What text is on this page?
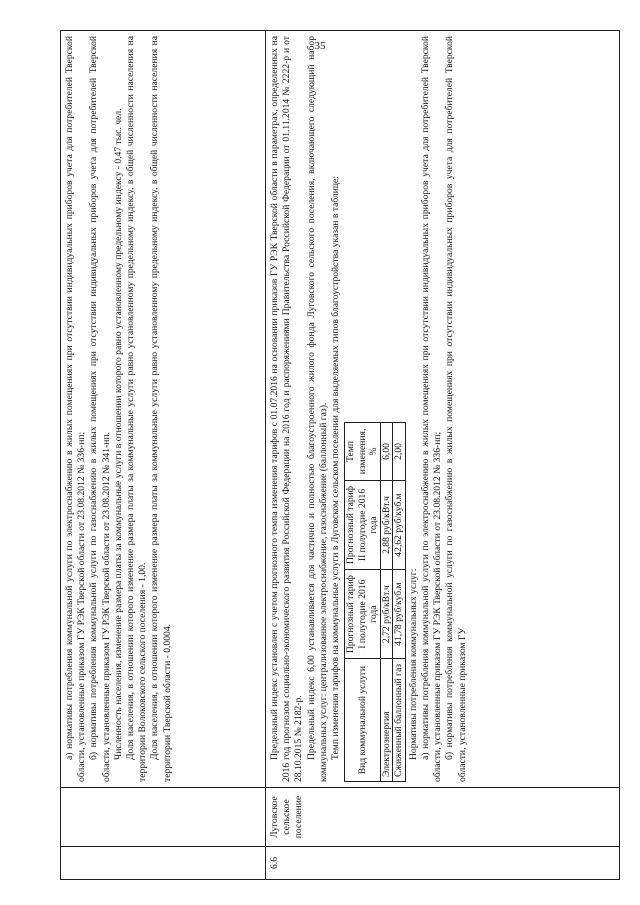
35

а) нормативы потребления коммунальной услуги по электроснабжению в жилых помещениях при отсутствии индивидуальных приборов учета для потребителей Тверской области, установленные приказом ГУ РЭК Тверской области от 23.08.2012 № 336-нп; б) нормативы потребления коммунальной услуги по газоснабжению в жилых помещениях при отсутствии индивидуальных приборов учета для потребителей Тверской области, установленные приказом ГУ РЭК Тверской области от 23.08.2012 № 341-нп. Численность населения, изменение размера платы за коммунальные услуги в отношении которого равно установленному предельному индексу - 0,47 тыс. чел. Доля населения, в отношении которого изменение размера платы за коммунальные услуги равно установленному предельному индексу, в общей численности населения на территории Волоковского сельского поселения - 1,00. Доля населения, в отношении которого изменение размера платы за коммунальные услуги равно установленному предельному индексу, в общей численности населения на территории Тверской области - 0,0004.

6.6	Луговское сельское поселение	

Предельный индекс установлен с учетом прогнозного темпа изменения тарифов с 01.07.2016 на основании приказов ГУ РЭК Тверской области в параметрах, определенных на 2016 год прогнозом социально-экономического развития Российской Федерации на 2016 год и распоряжениями Правительства Российской Федерации от 01.11.2014 № 2222-р и от 28.10.2015 № 2182-р. Предельный индекс 6,00 устанавливается для частично и полностью благоустроенного жилого фонда Луговского сельского поселения, включающего следующий набор коммунальных услуг: централизованное электроснабжение, газоснабжение (баллонный газ). Темп изменения тарифов на коммунальные услуги в Луговском сельском поселении для выделяемых типов благоустройства указан в таблице: Вид коммунальной услуги	Прогнозный тариф I полугодие 2016 года	Прогнозный тариф II полугодие 2016 года	Темп изменения, %
Электроэнергия	2,72 руб/кВт.ч	2,88 руб/кВт.ч	6,00
Сжиженный баллонный газ	41,78 руб/куб.м	42,62 руб/куб.м	2,00

Нормативы потребления коммунальных услуг: а) нормативы потребления коммунальной услуги по электроснабжению в жилых помещениях при отсутствии индивидуальных приборов учета для потребителей Тверской области, установленные приказом ГУ РЭК Тверской области от 23.08.2012 № 336-нп; б) нормативы потребления коммунальной услуги по газоснабжению в жилых помещениях при отсутствии индивидуальных приборов учета для потребителей Тверской области, установленные приказом ГУ
